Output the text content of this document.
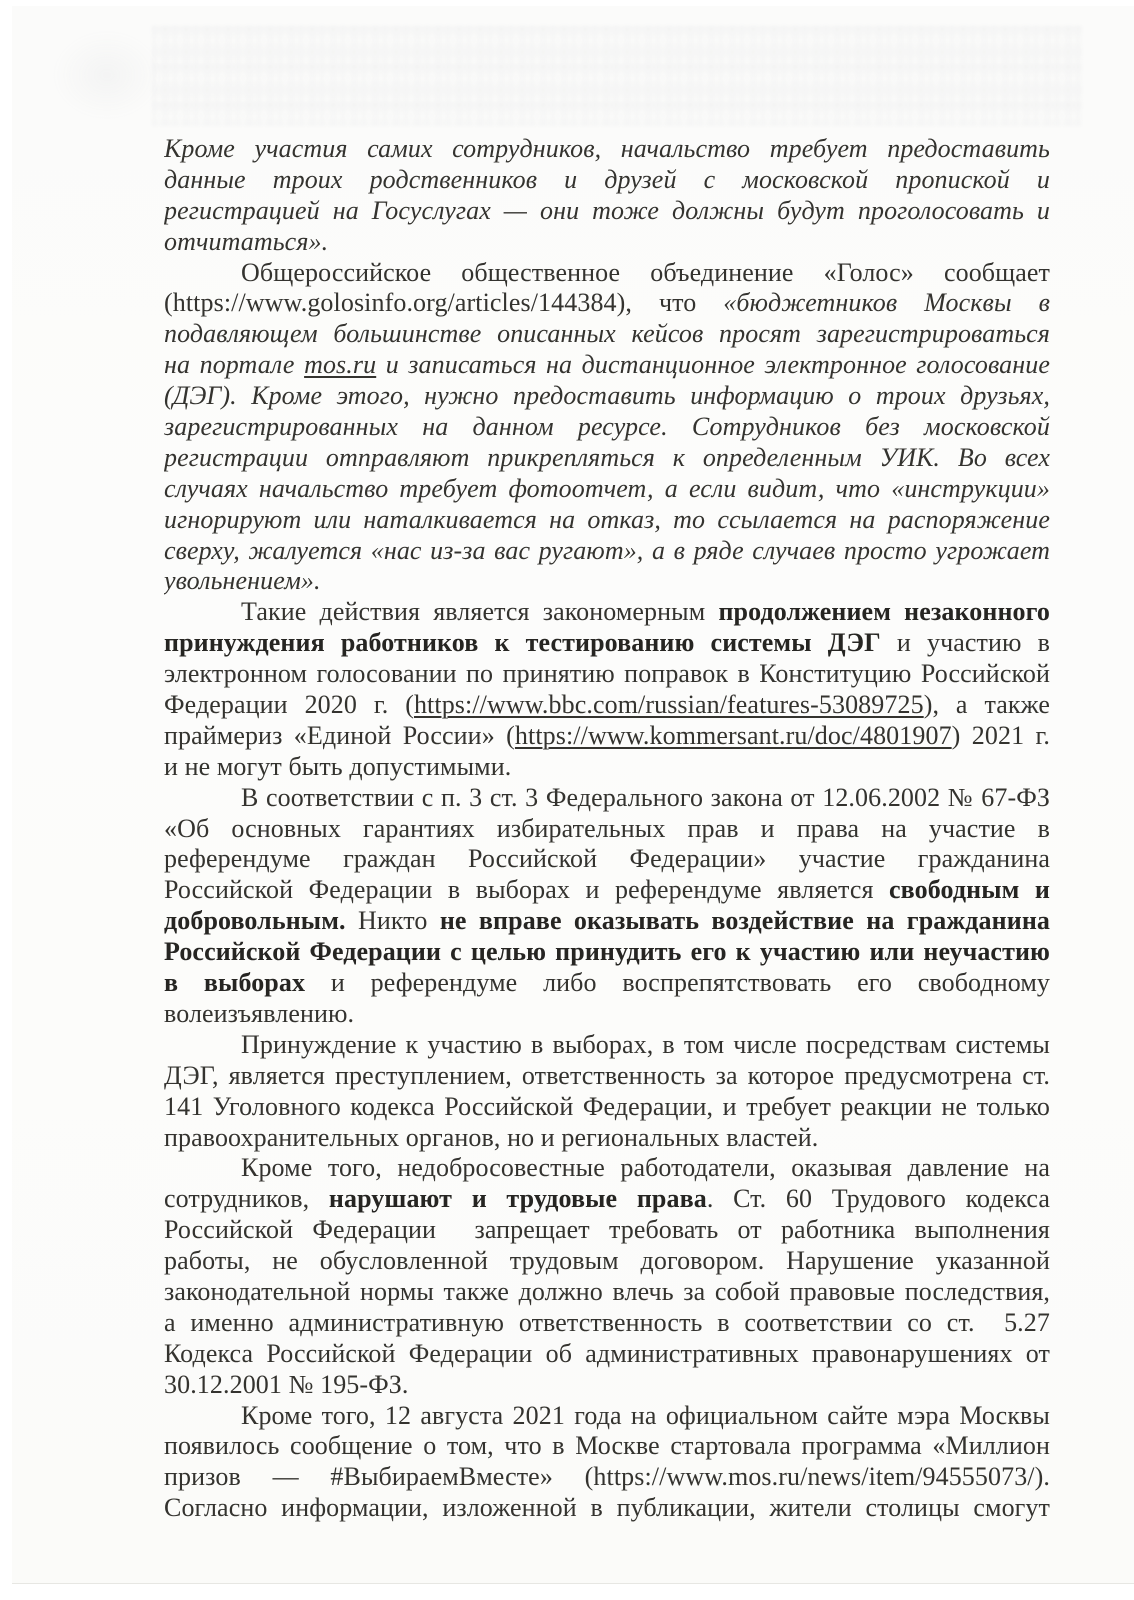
Кроме участия самих сотрудников, начальство требует предоставить
данные троих родственников и друзей с московской пропиской и
регистрацией на Госуслугах — они тоже должны будут проголосовать и
отчитаться».
Общероссийское общественное объединение «Голос» сообщает
(https://www.golosinfo.org/articles/144384), что «бюджетников Москвы в
подавляющем большинстве описанных кейсов просят зарегистрироваться
на портале mos.ru и записаться на дистанционное электронное голосование
(ДЭГ). Кроме этого, нужно предоставить информацию о троих друзьях,
зарегистрированных на данном ресурсе. Сотрудников без московской
регистрации отправляют прикрепляться к определенным УИК. Во всех
случаях начальство требует фотоотчет, а если видит, что «инструкции»
игнорируют или наталкивается на отказ, то ссылается на распоряжение
сверху, жалуется «нас из-за вас ругают», а в ряде случаев просто угрожает
увольнением».
Такие действия является закономерным продолжением незаконного
принуждения работников к тестированию системы ДЭГ и участию в
электронном голосовании по принятию поправок в Конституцию Российской
Федерации 2020 г. (https://www.bbc.com/russian/features-53089725), а также
праймериз «Единой России» (https://www.kommersant.ru/doc/4801907) 2021 г.
и не могут быть допустимыми.
В соответствии с п. 3 ст. 3 Федерального закона от 12.06.2002 № 67-ФЗ
«Об основных гарантиях избирательных прав и права на участие в
референдуме граждан Российской Федерации» участие гражданина
Российской Федерации в выборах и референдуме является свободным и
добровольным. Никто не вправе оказывать воздействие на гражданина
Российской Федерации с целью принудить его к участию или неучастию
в выборах и референдуме либо воспрепятствовать его свободному
волеизъявлению.
Принуждение к участию в выборах, в том числе посредствам системы
ДЭГ, является преступлением, ответственность за которое предусмотрена ст.
141 Уголовного кодекса Российской Федерации, и требует реакции не только
правоохранительных органов, но и региональных властей.
Кроме того, недобросовестные работодатели, оказывая давление на
сотрудников, нарушают и трудовые права. Ст. 60 Трудового кодекса
Российской Федерации  запрещает требовать от работника выполнения
работы, не обусловленной трудовым договором. Нарушение указанной
законодательной нормы также должно влечь за собой правовые последствия,
а именно административную ответственность в соответствии со ст.  5.27
Кодекса Российской Федерации об административных правонарушениях от
30.12.2001 № 195-ФЗ.
Кроме того, 12 августа 2021 года на официальном сайте мэра Москвы
появилось сообщение о том, что в Москве стартовала программа «Миллион
призов — #ВыбираемВместе» (https://www.mos.ru/news/item/94555073/).
Согласно информации, изложенной в публикации, жители столицы смогут
